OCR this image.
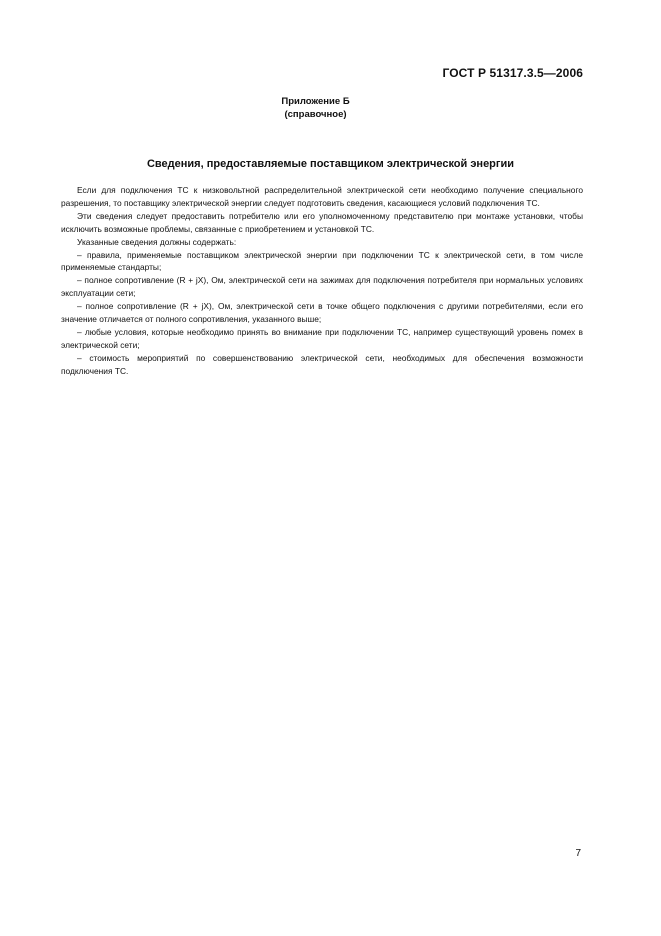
ГОСТ Р 51317.3.5—2006
Приложение Б
(справочное)
Сведения, предоставляемые поставщиком электрической энергии

Если для подключения ТС к низковольтной распределительной электрической сети необходимо получение специального разрешения, то поставщику электрической энергии следует подготовить сведения, касающиеся условий подключения ТС.

Эти сведения следует предоставить потребителю или его уполномоченному представителю при монтаже установки, чтобы исключить возможные проблемы, связанные с приобретением и установкой ТС.

Указанные сведения должны содержать:

– правила, применяемые поставщиком электрической энергии при подключении ТС к электрической сети, в том числе применяемые стандарты;

– полное сопротивление (R + jX), Ом, электрической сети на зажимах для подключения потребителя при нормальных условиях эксплуатации сети;

– полное сопротивление (R + jX), Ом, электрической сети в точке общего подключения с другими потребителями, если его значение отличается от полного сопротивления, указанного выше;

– любые условия, которые необходимо принять во внимание при подключении ТС, например существующий уровень помех в электрической сети;

– стоимость мероприятий по совершенствованию электрической сети, необходимых для обеспечения возможности подключения ТС.

7
